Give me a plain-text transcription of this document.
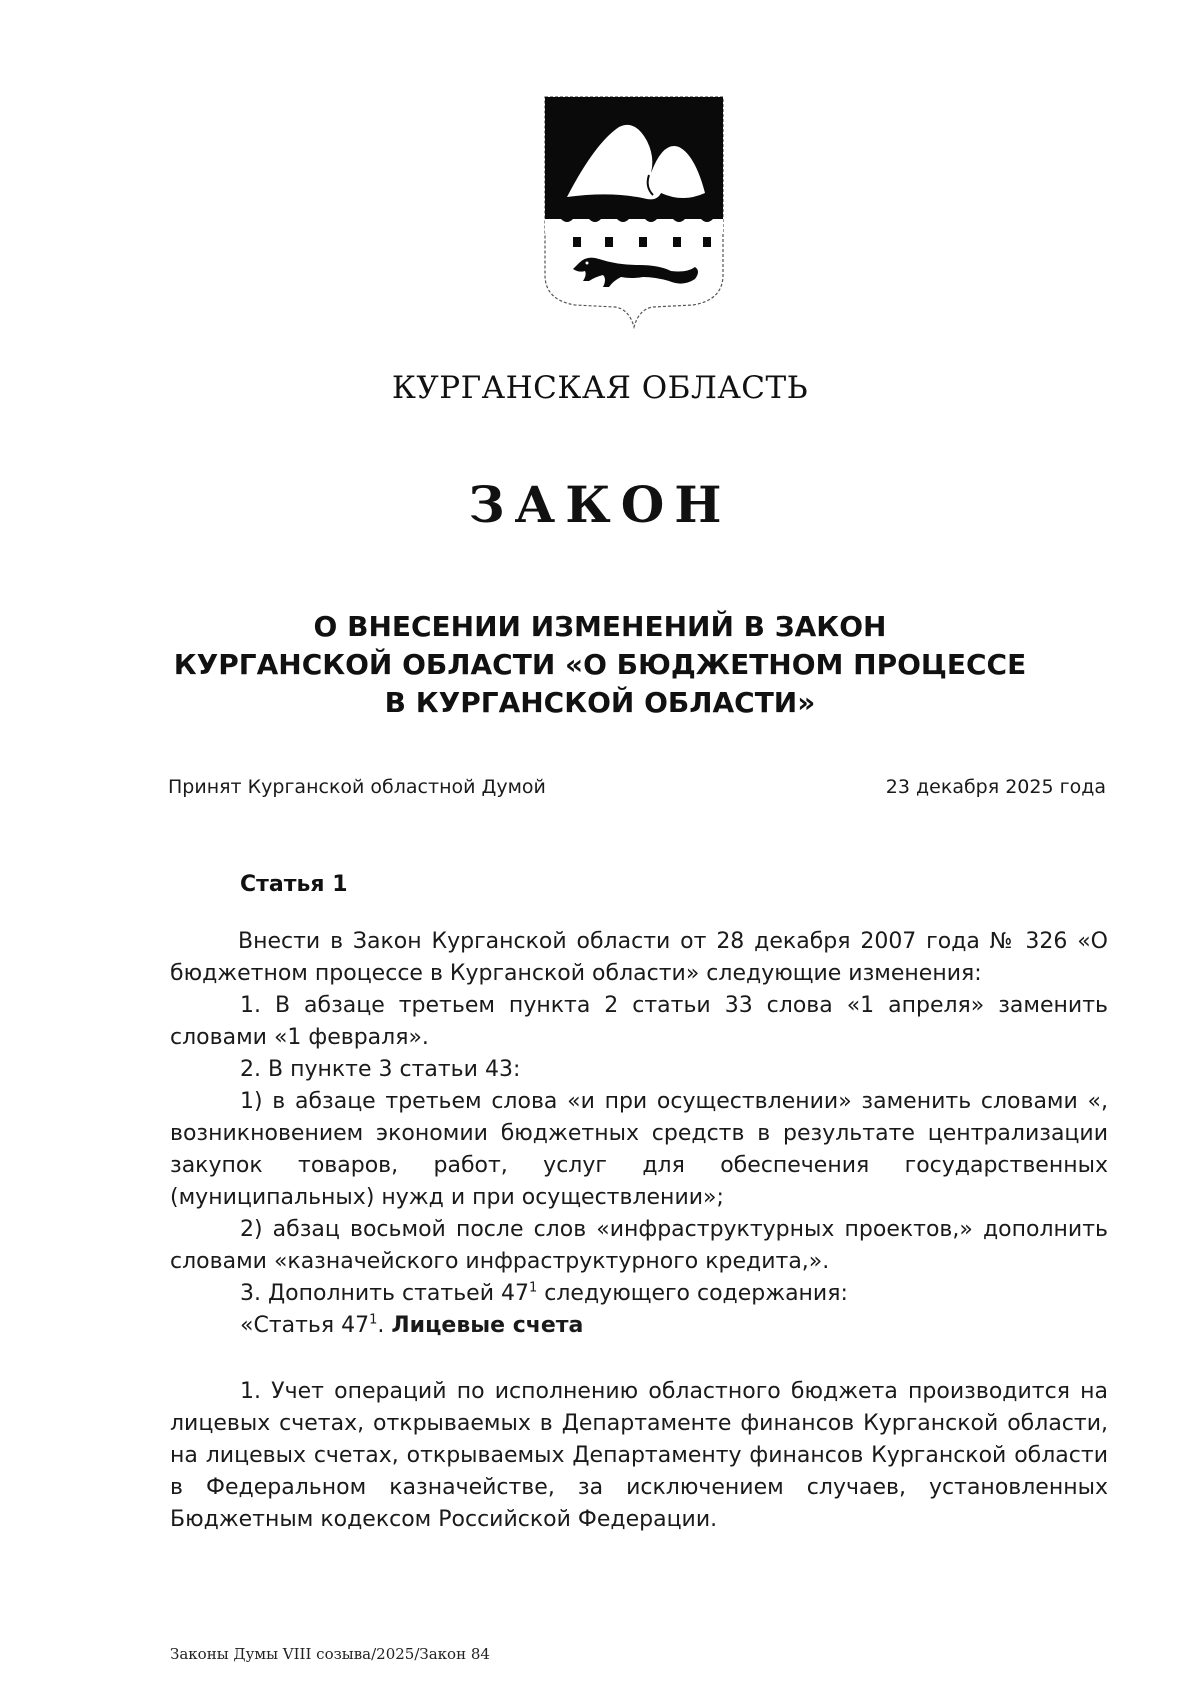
КУРГАНСКАЯ ОБЛАСТЬ
ЗАКОН
О ВНЕСЕНИИ ИЗМЕНЕНИЙ В ЗАКОН
КУРГАНСКОЙ ОБЛАСТИ «О БЮДЖЕТНОМ ПРОЦЕССЕ
В КУРГАНСКОЙ ОБЛАСТИ»
Принят Курганской областной Думой	23 декабря 2025 года
Статья 1

Внести в Закон Курганской области от 28 декабря 2007 года № 326 «О бюджетном процессе в Курганской области» следующие изменения:

1. В абзаце третьем пункта 2 статьи 33 слова «1 апреля» заменить словами «1 февраля».

2. В пункте 3 статьи 43:

1) в абзаце третьем слова «и при осуществлении» заменить словами «, возникновением экономии бюджетных средств в результате централизации закупок товаров, работ, услуг для обеспечения государственных (муниципальных) нужд и при осуществлении»;

2) абзац восьмой после слов «инфраструктурных проектов,» дополнить словами «казначейского инфраструктурного кредита,».

3. Дополнить статьей $47^1$ следующего содержания:

«Статья $47^1$. Лицевые счета

1. Учет операций по исполнению областного бюджета производится на лицевых счетах, открываемых в Департаменте финансов Курганской области, на лицевых счетах, открываемых Департаменту финансов Курганской области в Федеральном казначействе, за исключением случаев, установленных Бюджетным кодексом Российской Федерации.

Законы Думы VIII созыва/2025/Закон 84
